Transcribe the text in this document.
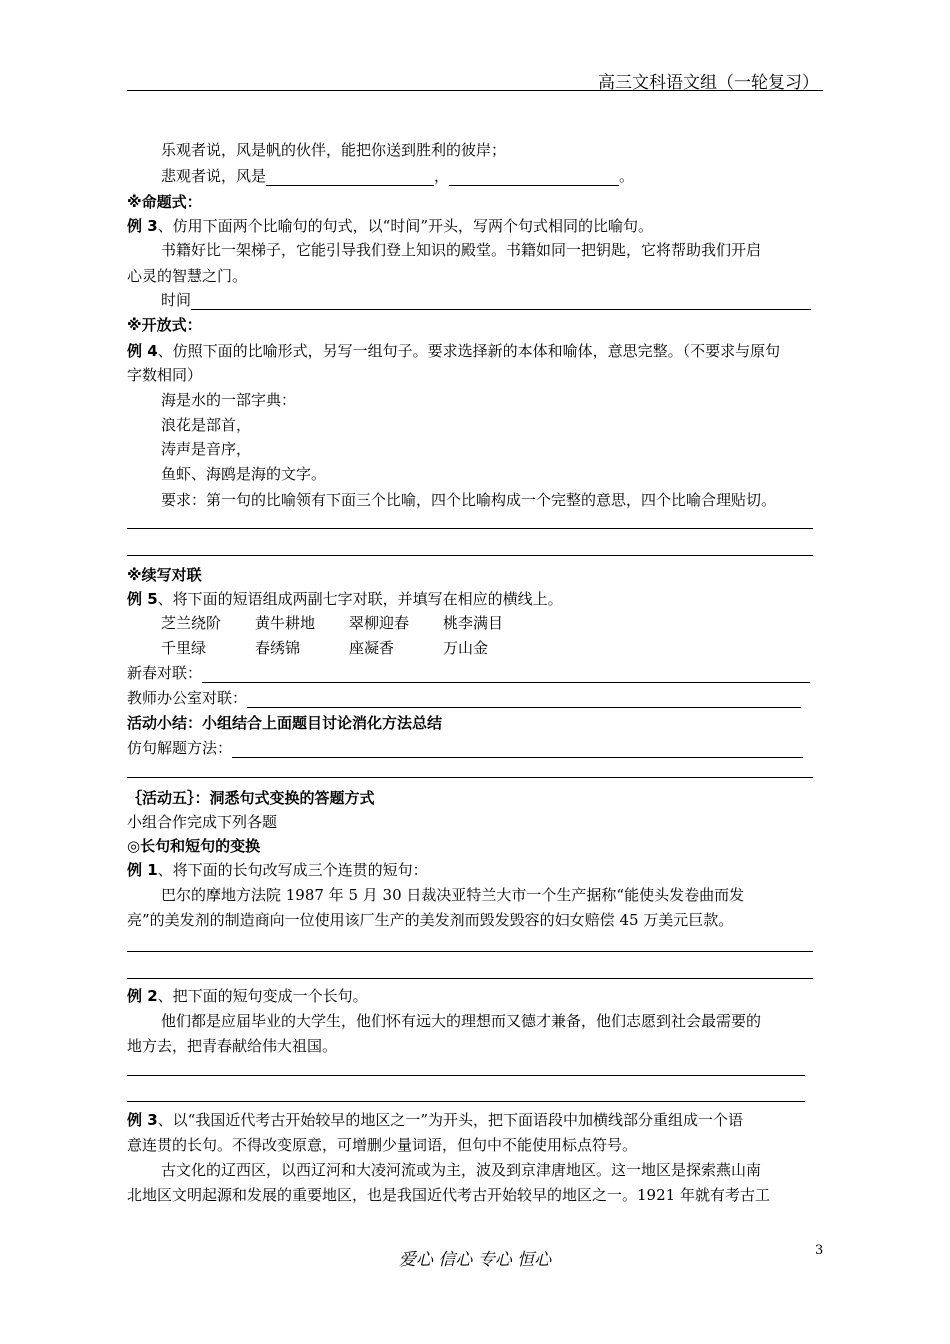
高三文科语文组（一轮复习）
乐观者说，风是帆的伙伴，能把你送到胜利的彼岸；
悲观者说，风是	，	。
※命题式：
例 3、仿用下面两个比喻句的句式，以“时间”开头，写两个句式相同的比喻句。
书籍好比一架梯子，它能引导我们登上知识的殿堂。书籍如同一把钥匙，它将帮助我们开启
心灵的智慧之门。
时间
※开放式：
例 4、仿照下面的比喻形式，另写一组句子。要求选择新的本体和喻体，意思完整。（不要求与原句
字数相同）
海是水的一部字典：
浪花是部首，
涛声是音序，
鱼虾、海鸥是海的文字。
要求：第一句的比喻领有下面三个比喻，四个比喻构成一个完整的意思，四个比喻合理贴切。
※续写对联
例 5、将下面的短语组成两副七字对联，并填写在相应的横线上。
芝兰绕阶 黄牛耕地 翠柳迎春 桃李满目
千里绿	春绣锦	座凝香	万山金
新春对联：
教师办公室对联：
活动小结：小组结合上面题目讨论消化方法总结
仿句解题方法：
｛活动五｝：洞悉句式变换的答题方式
小组合作完成下列各题
◎长句和短句的变换
例 1、将下面的长句改写成三个连贯的短句：
巴尔的摩地方法院 1987 年 5 月 30 日裁决亚特兰大市一个生产据称“能使头发卷曲而发
亮”的美发剂的制造商向一位使用该厂生产的美发剂而毁发毁容的妇女赔偿 45 万美元巨款。
例 2、把下面的短句变成一个长句。
他们都是应届毕业的大学生，他们怀有远大的理想而又德才兼备，他们志愿到社会最需要的
地方去，把青春献给伟大祖国。
例 3、以“我国近代考古开始较早的地区之一”为开头，把下面语段中加横线部分重组成一个语
意连贯的长句。不得改变原意，可增删少量词语，但句中不能使用标点符号。
古文化的辽西区，以西辽河和大凌河流或为主，波及到京津唐地区。这一地区是探索燕山南
北地区文明起源和发展的重要地区，也是我国近代考古开始较早的地区之一。1921 年就有考古工
爱心 信心 专心 恒心	3
